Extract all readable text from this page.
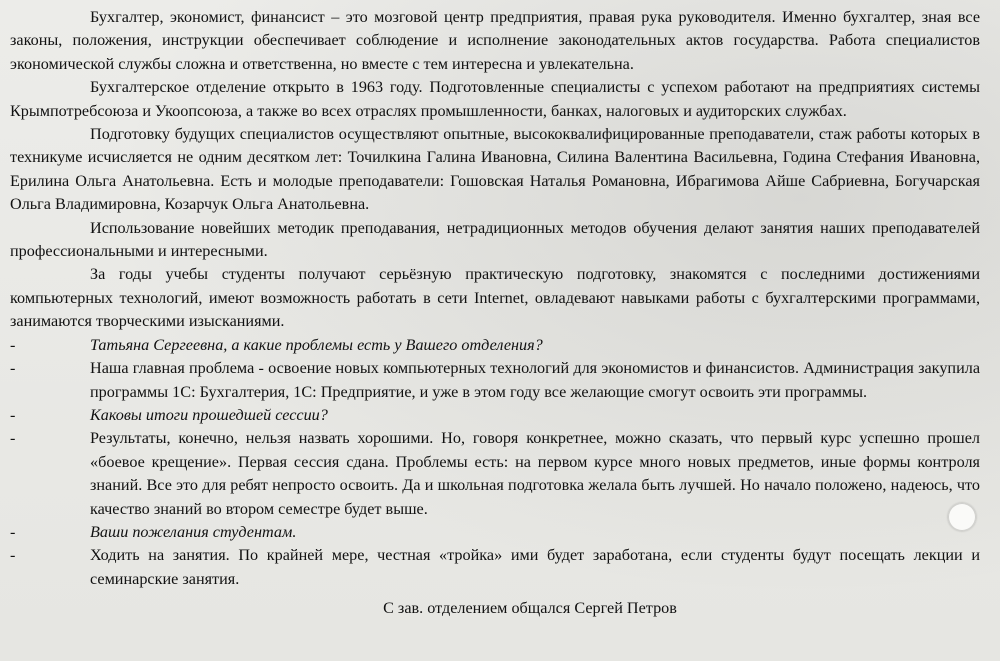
Бухгалтер, экономист, финансист – это мозговой центр предприятия, правая рука руководителя. Именно бухгалтер, зная все законы, положения, инструкции обеспечивает соблюдение и исполнение законодательных актов государства. Работа специалистов экономической службы сложна и ответственна, но вместе с тем интересна и увлекательна.

Бухгалтерское отделение открыто в 1963 году. Подготовленные специалисты с успехом работают на предприятиях системы Крымпотребсоюза и Укоопсоюза, а также во всех отраслях промышленности, банках, налоговых и аудиторских службах.

Подготовку будущих специалистов осуществляют опытные, высококвалифицированные преподаватели, стаж работы которых в техникуме исчисляется не одним десятком лет: Точилкина Галина Ивановна, Силина Валентина Васильевна, Година Стефания Ивановна, Ерилина Ольга Анатольевна. Есть и молодые преподаватели: Гошовская Наталья Романовна, Ибрагимова Айше Сабриевна, Богучарская Ольга Владимировна, Козарчук Ольга Анатольевна.

Использование новейших методик преподавания, нетрадиционных методов обучения делают занятия наших преподавателей профессиональными и интересными.

За годы учебы студенты получают серьёзную практическую подготовку, знакомятся с последними достижениями компьютерных технологий, имеют возможность работать в сети Internet, овладевают навыками работы с бухгалтерскими программами, занимаются творческими изысканиями.

-	Татьяна Сергеевна, а какие проблемы есть у Вашего отделения?
-	Наша главная проблема - освоение новых компьютерных технологий для экономистов и финансистов. Администрация закупила программы 1С: Бухгалтерия, 1С: Предприятие, и уже в этом году все желающие смогут освоить эти программы.
-	Каковы итоги прошедшей сессии?
-	Результаты, конечно, нельзя назвать хорошими. Но, говоря конкретнее, можно сказать, что первый курс успешно прошел «боевое крещение». Первая сессия сдана. Проблемы есть: на первом курсе много новых предметов, иные формы контроля знаний. Все это для ребят непросто освоить. Да и школьная подготовка желала быть лучшей. Но начало положено, надеюсь, что качество знаний во втором семестре будет выше.
-	Ваши пожелания студентам.
-	Ходить на занятия. По крайней мере, честная «тройка» ими будет заработана, если студенты будут посещать лекции и семинарские занятия.

С зав. отделением общался Сергей Петров
